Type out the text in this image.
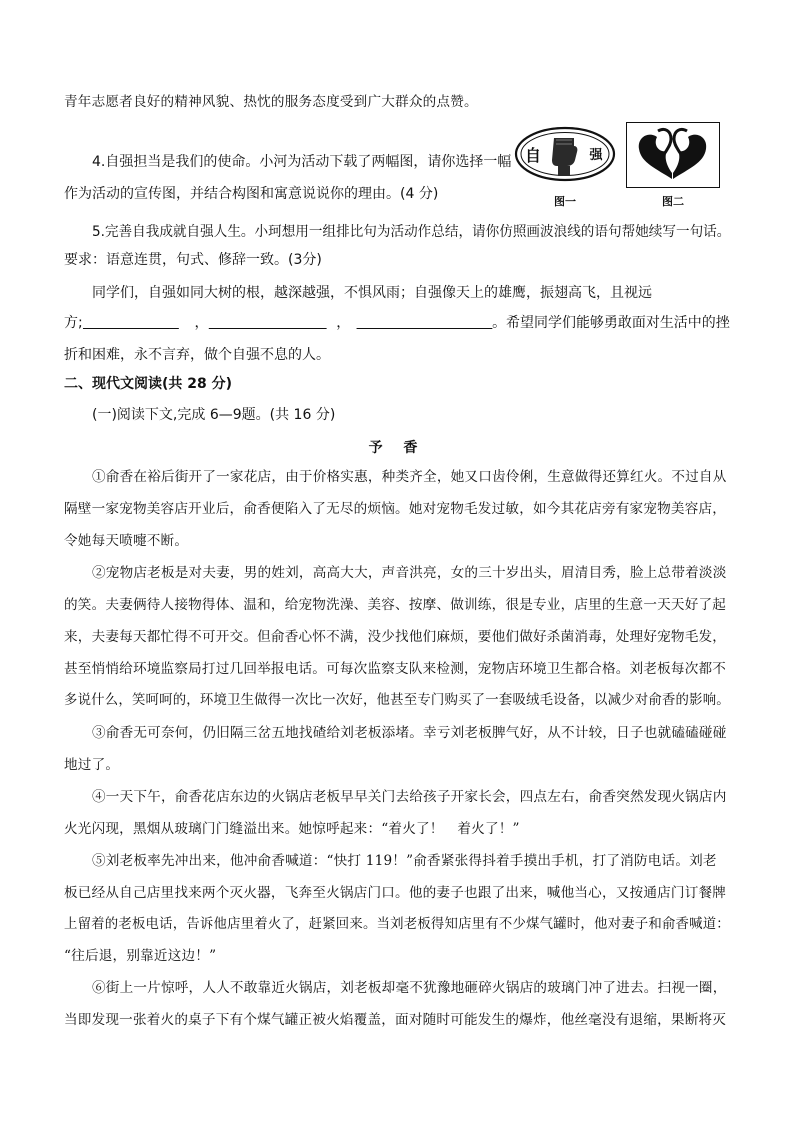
青年志愿者良好的精神风貌、热忱的服务态度受到广大群众的点赞。
4.自强担当是我们的使命。小河为活动下载了两幅图，请你选择一幅
作为活动的宣传图，并结合构图和寓意说说你的理由。(4 分)
自	强
图一	图二
5.完善自我成就自强人生。小珂想用一组排比句为活动作总结，请你仿照画波浪线的语句帮她续写一句话。
要求：语意连贯，句式、修辞一致。(3分)
同学们，自强如同大树的根，越深越强，不惧风雨；自强像天上的雄鹰，振翅高飞，且视远
方;	，	，	。希望同学们能够勇敢面对生活中的挫
折和困难，永不言弃，做个自强不息的人。
二、现代文阅读(共 28 分)
(一)阅读下文,完成 6—9题。(共 16 分)
予 香
①俞香在裕后街开了一家花店，由于价格实惠，种类齐全，她又口齿伶俐，生意做得还算红火。不过自从
隔壁一家宠物美容店开业后，俞香便陷入了无尽的烦恼。她对宠物毛发过敏，如今其花店旁有家宠物美容店，
令她每天喷嚏不断。
②宠物店老板是对夫妻，男的姓刘，高高大大，声音洪亮，女的三十岁出头，眉清目秀，脸上总带着淡淡
的笑。夫妻俩待人接物得体、温和，给宠物洗澡、美容、按摩、做训练，很是专业，店里的生意一天天好了起
来，夫妻每天都忙得不可开交。但俞香心怀不满，没少找他们麻烦，要他们做好杀菌消毒，处理好宠物毛发，
甚至悄悄给环境监察局打过几回举报电话。可每次监察支队来检测，宠物店环境卫生都合格。刘老板每次都不
多说什么，笑呵呵的，环境卫生做得一次比一次好，他甚至专门购买了一套吸绒毛设备，以减少对俞香的影响。
③俞香无可奈何，仍旧隔三岔五地找碴给刘老板添堵。幸亏刘老板脾气好，从不计较，日子也就磕磕碰碰
地过了。
④一天下午，俞香花店东边的火锅店老板早早关门去给孩子开家长会，四点左右，俞香突然发现火锅店内
火光闪现，黑烟从玻璃门门缝溢出来。她惊呼起来：“着火了！　着火了！”
⑤刘老板率先冲出来，他冲俞香喊道：“快打 119！”俞香紧张得抖着手摸出手机，打了消防电话。刘老
板已经从自己店里找来两个灭火器，飞奔至火锅店门口。他的妻子也跟了出来，喊他当心，又按通店门订餐牌
上留着的老板电话，告诉他店里着火了，赶紧回来。当刘老板得知店里有不少煤气罐时，他对妻子和俞香喊道：
“往后退，别靠近这边！”
⑥街上一片惊呼，人人不敢靠近火锅店，刘老板却毫不犹豫地砸碎火锅店的玻璃门冲了进去。扫视一圈，
当即发现一张着火的桌子下有个煤气罐正被火焰覆盖，面对随时可能发生的爆炸，他丝毫没有退缩，果断将灭
